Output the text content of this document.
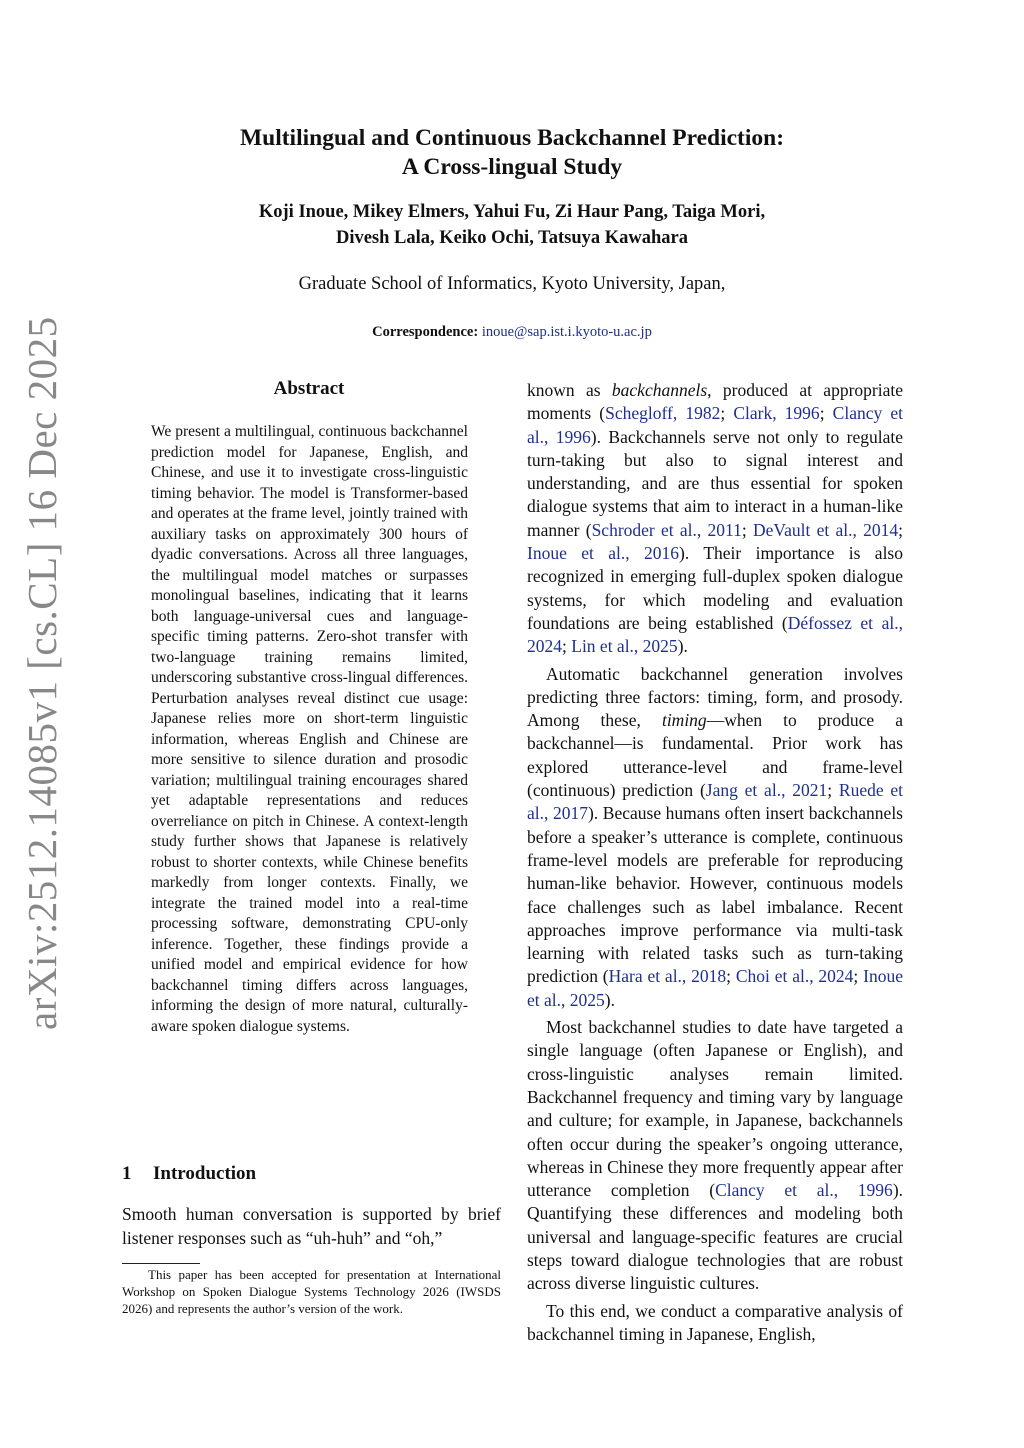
arXiv:2512.14085v1 [cs.CL] 16 Dec 2025
Multilingual and Continuous Backchannel Prediction:
A Cross-lingual Study
Koji Inoue, Mikey Elmers, Yahui Fu, Zi Haur Pang, Taiga Mori,
Divesh Lala, Keiko Ochi, Tatsuya Kawahara
Graduate School of Informatics, Kyoto University, Japan,
Correspondence: inoue@sap.ist.i.kyoto-u.ac.jp
Abstract
We present a multilingual, continuous backchannel prediction model for Japanese, English, and Chinese, and use it to investigate cross-linguistic timing behavior. The model is Transformer-based and operates at the frame level, jointly trained with auxiliary tasks on approximately 300 hours of dyadic conversations. Across all three languages, the multilingual model matches or surpasses monolingual baselines, indicating that it learns both language-universal cues and language-specific timing patterns. Zero-shot transfer with two-language training remains limited, underscoring substantive cross-lingual differences. Perturbation analyses reveal distinct cue usage: Japanese relies more on short-term linguistic information, whereas English and Chinese are more sensitive to silence duration and prosodic variation; multilingual training encourages shared yet adaptable representations and reduces overreliance on pitch in Chinese. A context-length study further shows that Japanese is relatively robust to shorter contexts, while Chinese benefits markedly from longer contexts. Finally, we integrate the trained model into a real-time processing software, demonstrating CPU-only inference. Together, these findings provide a unified model and empirical evidence for how backchannel timing differs across languages, informing the design of more natural, culturally-aware spoken dialogue systems.
1 Introduction
Smooth human conversation is supported by brief listener responses such as “uh-huh” and “oh,”
This paper has been accepted for presentation at International Workshop on Spoken Dialogue Systems Technology 2026 (IWSDS 2026) and represents the author’s version of the work.

known as backchannels, produced at appropriate moments (Schegloff, 1982; Clark, 1996; Clancy et al., 1996). Backchannels serve not only to regulate turn-taking but also to signal interest and understanding, and are thus essential for spoken dialogue systems that aim to interact in a human-like manner (Schroder et al., 2011; DeVault et al., 2014; Inoue et al., 2016). Their importance is also recognized in emerging full-duplex spoken dialogue systems, for which modeling and evaluation foundations are being established (Défossez et al., 2024; Lin et al., 2025).

Automatic backchannel generation involves predicting three factors: timing, form, and prosody. Among these, timing—when to produce a backchannel—is fundamental. Prior work has explored utterance-level and frame-level (continuous) prediction (Jang et al., 2021; Ruede et al., 2017). Because humans often insert backchannels before a speaker’s utterance is complete, continuous frame-level models are preferable for reproducing human-like behavior. However, continuous models face challenges such as label imbalance. Recent approaches improve performance via multi-task learning with related tasks such as turn-taking prediction (Hara et al., 2018; Choi et al., 2024; Inoue et al., 2025).

Most backchannel studies to date have targeted a single language (often Japanese or English), and cross-linguistic analyses remain limited. Backchannel frequency and timing vary by language and culture; for example, in Japanese, backchannels often occur during the speaker’s ongoing utterance, whereas in Chinese they more frequently appear after utterance completion (Clancy et al., 1996). Quantifying these differences and modeling both universal and language-specific features are crucial steps toward dialogue technologies that are robust across diverse linguistic cultures.

To this end, we conduct a comparative analysis of backchannel timing in Japanese, English,
